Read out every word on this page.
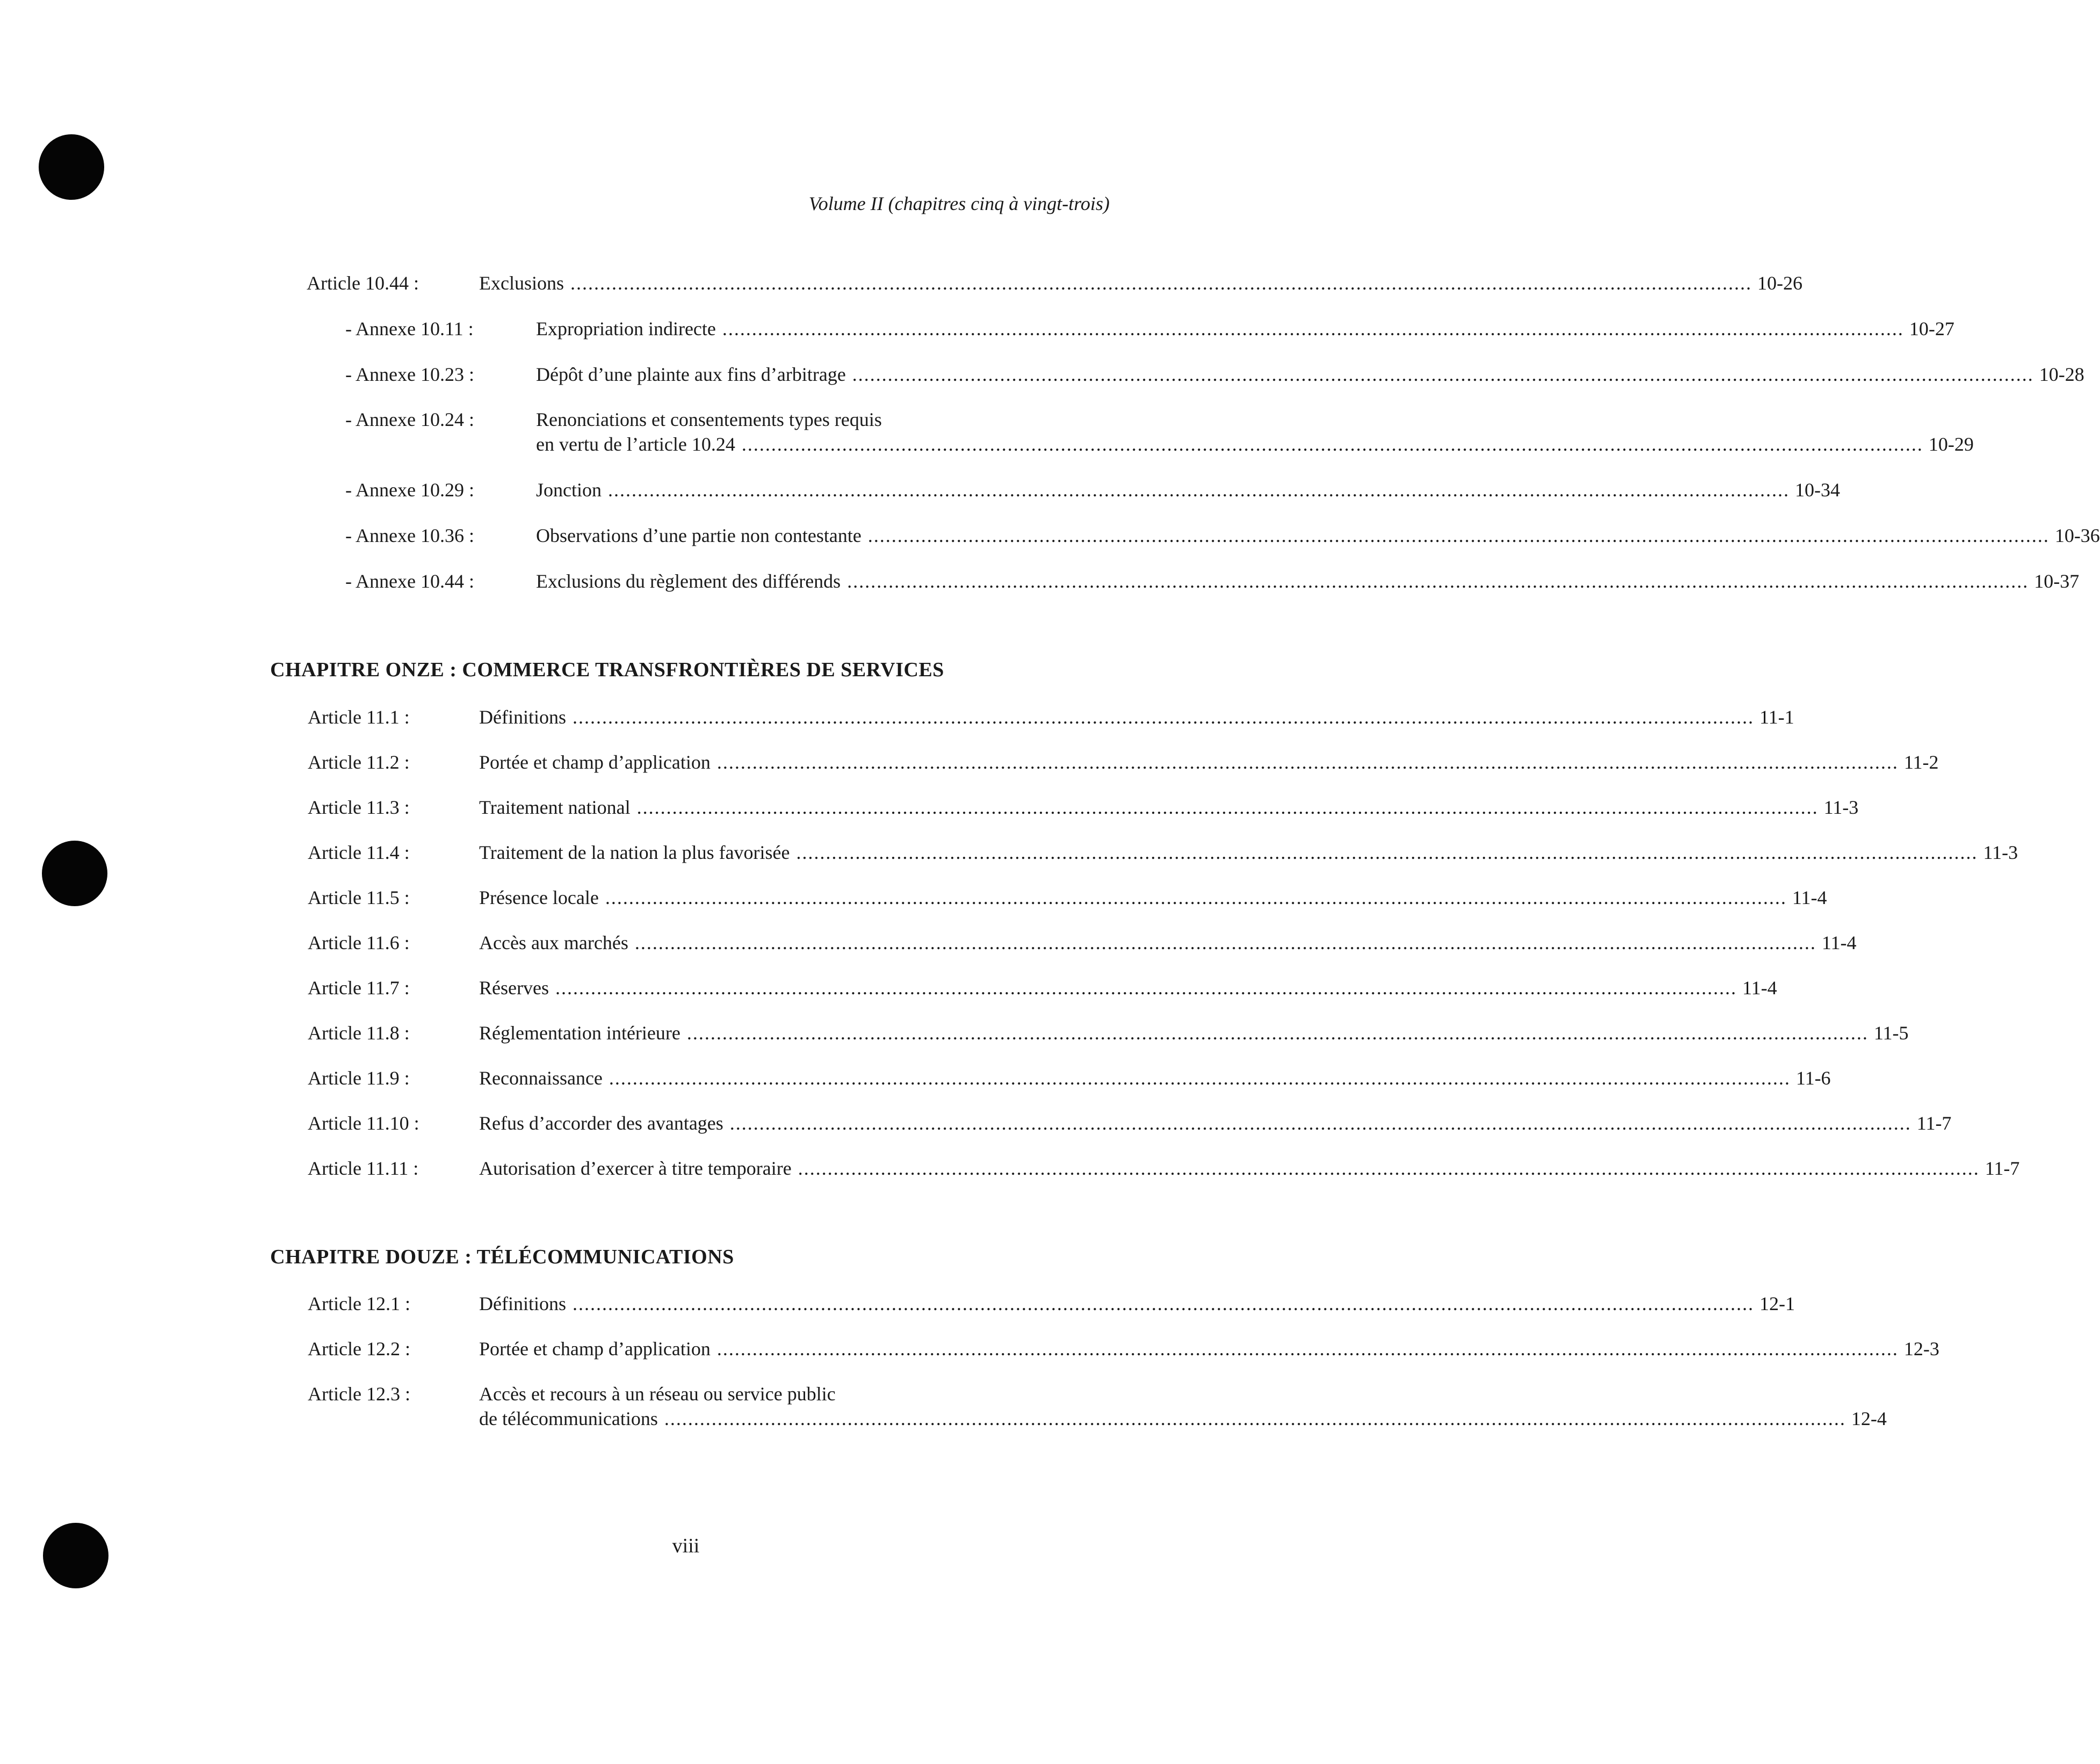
Volume II (chapitres cinq à vingt-trois)
Article 10.44 :	Exclusions ........................................................................................................................................................................................................ 10-26
- Annexe 10.11 :	Expropriation indirecte ........................................................................................................................................................................................................ 10-27
- Annexe 10.23 :	Dépôt d’une plainte aux fins d’arbitrage ........................................................................................................................................................................................................ 10-28
- Annexe 10.24 :	Renonciations et consentements types requis
en vertu de l’article 10.24 ........................................................................................................................................................................................................ 10-29
- Annexe 10.29 :	Jonction ........................................................................................................................................................................................................ 10-34
- Annexe 10.36 :	Observations d’une partie non contestante ........................................................................................................................................................................................................ 10-36
- Annexe 10.44 :	Exclusions du règlement des différends ........................................................................................................................................................................................................ 10-37
CHAPITRE ONZE : COMMERCE TRANSFRONTIÈRES DE SERVICES
Article 11.1 :	Définitions ........................................................................................................................................................................................................ 11-1
Article 11.2 :	Portée et champ d’application ........................................................................................................................................................................................................ 11-2
Article 11.3 :	Traitement national ........................................................................................................................................................................................................ 11-3
Article 11.4 :	Traitement de la nation la plus favorisée ........................................................................................................................................................................................................ 11-3
Article 11.5 :	Présence locale ........................................................................................................................................................................................................ 11-4
Article 11.6 :	Accès aux marchés ........................................................................................................................................................................................................ 11-4
Article 11.7 :	Réserves ........................................................................................................................................................................................................ 11-4
Article 11.8 :	Réglementation intérieure ........................................................................................................................................................................................................ 11-5
Article 11.9 :	Reconnaissance ........................................................................................................................................................................................................ 11-6
Article 11.10 :	Refus d’accorder des avantages ........................................................................................................................................................................................................ 11-7
Article 11.11 :	Autorisation d’exercer à titre temporaire ........................................................................................................................................................................................................ 11-7
CHAPITRE DOUZE : TÉLÉCOMMUNICATIONS
Article 12.1 :	Définitions ........................................................................................................................................................................................................ 12-1
Article 12.2 :	Portée et champ d’application ........................................................................................................................................................................................................ 12-3
Article 12.3 :	Accès et recours à un réseau ou service public
de télécommunications ........................................................................................................................................................................................................ 12-4
viii
